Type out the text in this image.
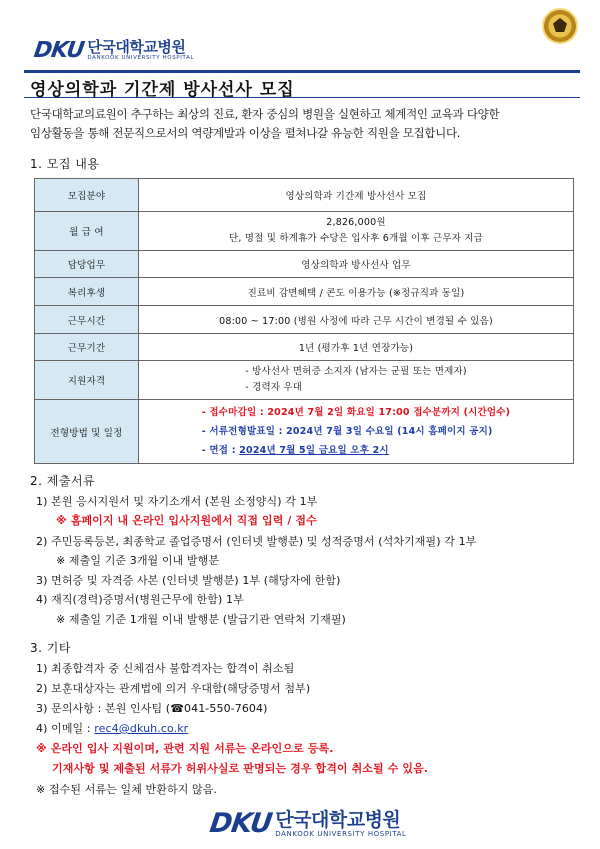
DKU 단국대학교병원
DANKOOK UNIVERSITY HOSPITAL
영상의학과 기간제 방사선사 모집
단국대학교의료원이 추구하는 최상의 진료, 환자 중심의 병원을 실현하고 체계적인 교육과 다양한
임상활동을 통해 전문직으로서의 역량계발과 이상을 펼쳐나갈 유능한 직원을 모집합니다.
1. 모집 내용
모집분야	영상의학과 기간제 방사선사 모집
월 급 여	2,826,000원
단, 명절 및 하계휴가 수당은 입사후 6개월 이후 근무자 지급

담당업무	영상의학과 방사선사 업무
복리후생	진료비 감면혜택 / 콘도 이용가능 (※정규직과 동일)
근무시간	08:00 ~ 17:00 (병원 사정에 따라 근무 시간이 변경될 수 있음)
근무기간	1년 (평가후 1년 연장가능)
지원자격	- 방사선사 면허증 소지자 (남자는 군필 또는 면제자)
- 경력자 우대

전형방법 및 일정	- 접수마감일 : 2024년 7월 2일 화요일 17:00 접수분까지 (시간엄수)
- 서류전형발표일 : 2024년 7월 3일 수요일 (14시 홈페이지 공지)
- 면접 : 2024년 7월 5일 금요일 오후 2시
2. 제출서류
1) 본원 응시지원서 및 자기소개서 (본원 소정양식) 각 1부
※ 홈페이지 내 온라인 입사지원에서 직접 입력 / 접수
2) 주민등록등본, 최종학교 졸업증명서 (인터넷 발행분) 및 성적증명서 (석차기재필) 각 1부
※ 제출일 기준 3개월 이내 발행분
3) 면허증 및 자격증 사본 (인터넷 발행분) 1부 (해당자에 한함)
4) 재직(경력)증명서(병원근무에 한함) 1부
※ 제출일 기준 1개월 이내 발행분 (발급기관 연락처 기재필)
3. 기타
1) 최종합격자 중 신체검사 불합격자는 합격이 취소됨
2) 보훈대상자는 관계법에 의거 우대함(해당증명서 첨부)
3) 문의사항 : 본원 인사팀 (☎041-550-7604)
4) 이메일 : rec4@dkuh.co.kr
※ 온라인 입사 지원이며, 관련 지원 서류는 온라인으로 등록.
기재사항 및 제출된 서류가 허위사실로 판명되는 경우 합격이 취소될 수 있음.
※ 접수된 서류는 일체 반환하지 않음.
DKU 단국대학교병원
DANKOOK UNIVERSITY HOSPITAL
